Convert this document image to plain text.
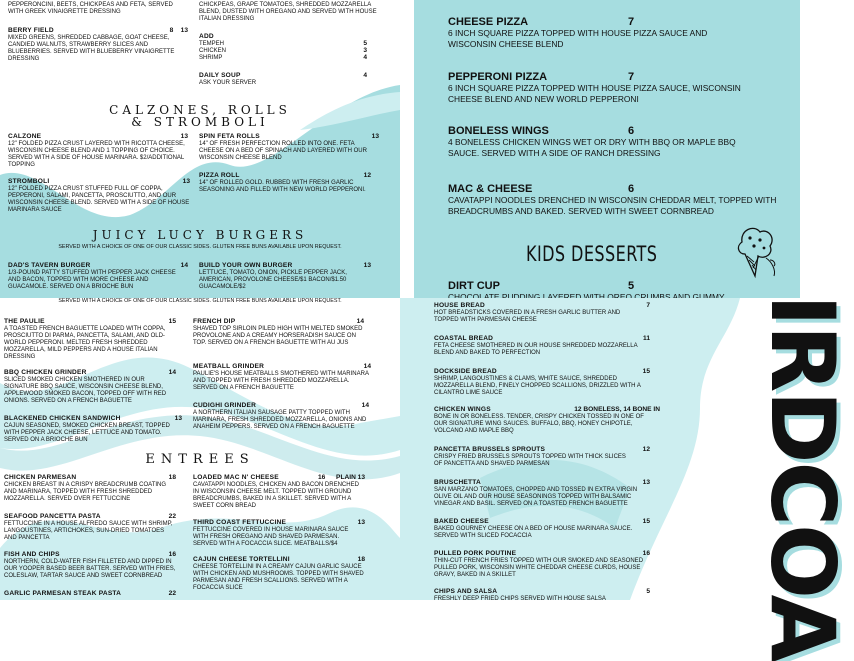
PEPPERONCINI, BEETS, CHICKPEAS AND FETA, SERVED WITH GREEK VINAIGRETTE DRESSING
CHICKPEAS, GRAPE TOMATOES, SHREDDED MOZZARELLA BLEND, DUSTED WITH OREGANO AND SERVED WITH HOUSE ITALIAN DRESSING
BERRY FIELD	8    13
MIXED GREENS, SHREDDED CABBAGE, GOAT CHEESE, CANDIED WALNUTS, STRAWBERRY SLICES AND BLUEBERRIES. SERVED WITH BLUEBERRY VINAIGRETTE DRESSING
ADD
TEMPEH	5
CHICKEN	3
SHRIMP	4
DAILY SOUP	4
ASK YOUR SERVER
CALZONES, ROLLS
& STROMBOLI
CALZONE	13
12" FOLDED PIZZA CRUST LAYERED WITH RICOTTA CHEESE, WISCONSIN CHEESE BLEND AND 1 TOPPING OF CHOICE. SERVED WITH A SIDE OF HOUSE MARINARA. $2/ADDITIONAL TOPPING
SPIN FETA ROLLS	13
14" OF FRESH PERFECTION ROLLED INTO ONE. FETA CHEESE ON A BED OF SPINACH AND LAYERED WITH OUR WISCONSIN CHEESE BLEND
STROMBOLI	13
12" FOLDED PIZZA CRUST STUFFED FULL OF COPPA, PEPPERONI, SALAMI, PANCETTA, PROSCIUTTO, AND OUR WISCONSIN CHEESE BLEND. SERVED WITH A SIDE OF HOUSE MARINARA SAUCE
PIZZA ROLL	12
14" OF ROLLED GOLD. RUBBED WITH FRESH GARLIC SEASONING AND FILLED WITH NEW WORLD PEPPERONI.
JUICY LUCY BURGERS
SERVED WITH A CHOICE OF ONE OF OUR CLASSIC SIDES. GLUTEN FREE BUNS AVAILABLE UPON REQUEST.
DAD'S TAVERN BURGER	14
1/3-POUND PATTY STUFFED WITH PEPPER JACK CHEESE AND BACON, TOPPED WITH MORE CHEESE AND GUACAMOLE. SERVED ON A BRIOCHE BUN
BUILD YOUR OWN BURGER	13
LETTUCE, TOMATO, ONION, PICKLE PEPPER JACK, AMERICAN, PROVOLONE CHEESE/$1 BACON/$1.50 GUACAMOLE/$2
CHEESE PIZZA	7
6 INCH SQUARE PIZZA TOPPED WITH HOUSE PIZZA SAUCE AND WISCONSIN CHEESE BLEND
PEPPERONI PIZZA	7
6 INCH SQUARE PIZZA TOPPED WITH HOUSE PIZZA SAUCE, WISCONSIN CHEESE BLEND AND NEW WORLD PEPPERONI
BONELESS WINGS	6
4 BONELESS CHICKEN WINGS WET OR DRY WITH BBQ OR MAPLE BBQ SAUCE. SERVED WITH A SIDE OF RANCH DRESSING
MAC & CHEESE	6
CAVATAPPI NOODLES DRENCHED IN WISCONSIN CHEDDAR MELT, TOPPED WITH BREADCRUMBS AND BAKED. SERVED WITH SWEET CORNBREAD
KIDS DESSERTS
DIRT CUP	5
SERVED WITH A CHOICE OF ONE OF OUR CLASSIC SIDES. GLUTEN FREE BUNS AVAILABLE UPON REQUEST.
THE PAULIE	15
A TOASTED FRENCH BAGUETTE LOADED WITH COPPA, PROSCIUTTO DI PARMA, PANCETTA, SALAMI, AND OLD-WORLD PEPPERONI. MELTED FRESH SHREDDED MOZZARELLA, MILD PEPPERS AND A HOUSE ITALIAN DRESSING
FRENCH DIP	14
SHAVED TOP SIRLOIN PILED HIGH WITH MELTED SMOKED PROVOLONE AND A CREAMY HORSERADISH SAUCE ON TOP. SERVED ON A FRENCH BAGUETTE WITH AU JUS
BBQ CHICKEN GRINDER	14
SLICED SMOKED CHICKEN SMOTHERED IN OUR SIGNATURE BBQ SAUCE, WISCONSIN CHEESE BLEND, APPLEWOOD SMOKED BACON, TOPPED OFF WITH RED ONIONS. SERVED ON A FRENCH BAGUETTE
MEATBALL GRINDER	14
PAULIE'S HOUSE MEATBALLS SMOTHERED WITH MARINARA AND TOPPED WITH FRESH SHREDDED MOZZARELLA. SERVED ON A FRENCH BAGUETTE
BLACKENED CHICKEN SANDWICH	13
CAJUN SEASONED, SMOKED CHICKEN BREAST, TOPPED WITH PEPPER JACK CHEESE, LETTUCE AND TOMATO. SERVED ON A BRIOCHE BUN
CUDIGHI GRINDER	14
A NORTHERN ITALIAN SAUSAGE PATTY TOPPED WITH MARINARA, FRESH SHREDDED MOZZARELLA, ONIONS AND ANAHEIM PEPPERS. SERVED ON A FRENCH BAGUETTE
ENTREES
CHICKEN PARMESAN	18
CHICKEN BREAST IN A CRISPY BREADCRUMB COATING AND MARINARA, TOPPED WITH FRESH SHREDDED MOZZARELLA. SERVED OVER FETTUCCINE
LOADED MAC N' CHEESE	16 PLAIN 13
CAVATAPPI NOODLES, CHICKEN AND BACON DRENCHED IN WISCONSIN CHEESE MELT. TOPPED WITH GROUND BREADCRUMBS, BAKED IN A SKILLET. SERVED WITH A SWEET CORN BREAD
SEAFOOD PANCETTA PASTA	22
FETTUCCINE IN A HOUSE ALFREDO SAUCE WITH SHRIMP, LANGOUSTINES, ARTICHOKES, SUN-DRIED TOMATOES AND PANCETTA
THIRD COAST FETTUCCINE	13
FETTUCCINE COVERED IN HOUSE MARINARA SAUCE WITH FRESH OREGANO AND SHAVED PARMESAN. SERVED WITH A FOCACCIA SLICE. MEATBALLS/$4
FISH AND CHIPS	16
NORTHERN, COLD-WATER FISH FILLETED AND DIPPED IN OUR YOOPER BASED BEER BATTER. SERVED WITH FRIES, COLESLAW, TARTAR SAUCE AND SWEET CORNBREAD
CAJUN CHEESE TORTELLINI	18
CHEESE TORTELLINI IN A CREAMY CAJUN GARLIC SAUCE WITH CHICKEN AND MUSHROOMS. TOPPED WITH SHAVED PARMESAN AND FRESH SCALLIONS. SERVED WITH A FOCACCIA SLICE
GARLIC PARMESAN STEAK PASTA	22
HOUSE BREAD	7
HOT BREADSTICKS COVERED IN A FRESH GARLIC BUTTER AND TOPPED WITH PARMESAN CHEESE
COASTAL BREAD	11
FETA CHEESE SMOTHERED IN OUR HOUSE SHREDDED MOZZARELLA BLEND AND BAKED TO PERFECTION
DOCKSIDE BREAD	15
SHRIMP, LANGOUSTINES & CLAMS, WHITE SAUCE, SHREDDED MOZZARELLA BLEND, FINELY CHOPPED SCALLIONS, DRIZZLED WITH A CILANTRO LIME SAUCE
CHICKEN WINGS	12 BONELESS, 14 BONE IN
BONE IN OR BONELESS. TENDER, CRISPY CHICKEN TOSSED IN ONE OF OUR SIGNATURE WING SAUCES. BUFFALO, BBQ, HONEY CHIPOTLE, VOLCANO AND MAPLE BBQ
PANCETTA BRUSSELS SPROUTS	12
CRISPY FRIED BRUSSELS SPROUTS TOPPED WITH THICK SLICES OF PANCETTA AND SHAVED PARMESAN
BRUSCHETTA	13
SAN MARZANO TOMATOES, CHOPPED AND TOSSED IN EXTRA VIRGIN OLIVE OIL AND OUR HOUSE SEASONINGS TOPPED WITH BALSAMIC VINEGAR AND BASIL. SERVED ON A TOASTED FRENCH BAGUETTE
BAKED CHEESE	15
BAKED GOURNEY CHEESE ON A BED OF HOUSE MARINARA SAUCE. SERVED WITH SLICED FOCACCIA
PULLED PORK POUTINE	16
THIN-CUT FRENCH FRIES TOPPED WITH OUR SMOKED AND SEASONED PULLED PORK, WISCONSIN WHITE CHEDDAR CHEESE CURDS, HOUSE GRAVY, BAKED IN A SKILLET
CHIPS AND SALSA	5
FRESHLY DEEP FRIED CHIPS SERVED WITH HOUSE SALSA	IRDCOA
